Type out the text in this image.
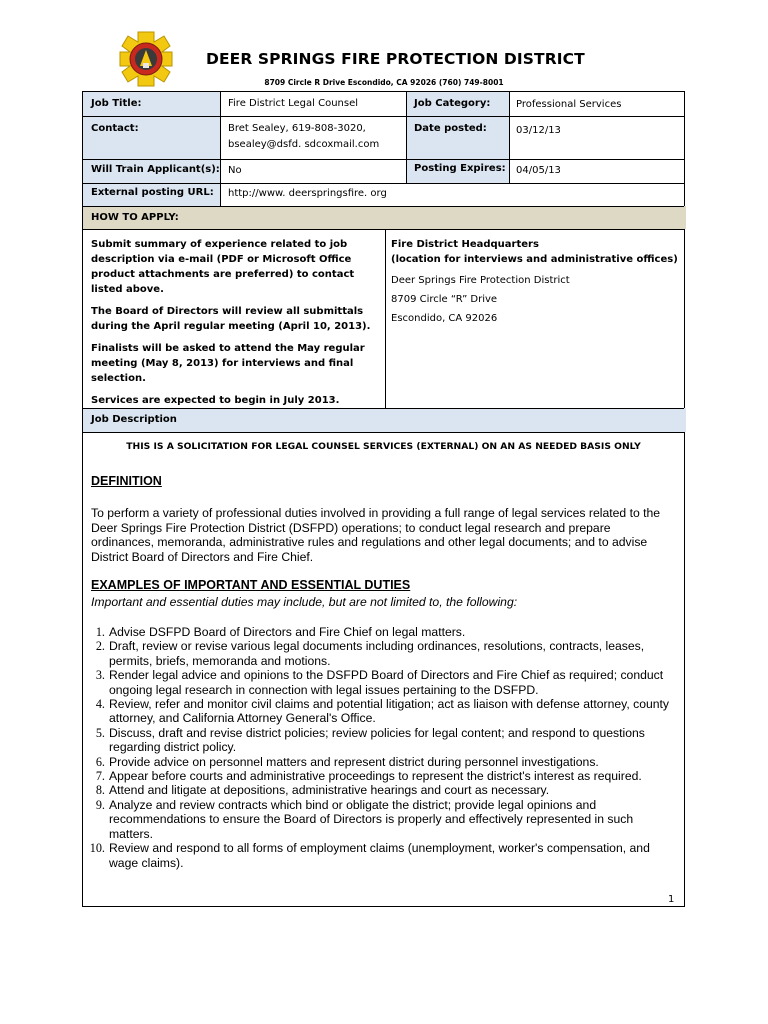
DEER SPRINGS FIRE PROTECTION DISTRICT
8709 Circle R Drive Escondido, CA 92026 (760) 749-8001
Job Title:	Fire District Legal Counsel	Job Category:	Professional Services
Contact:	Bret Sealey, 619-808-3020,
bsealey@dsfd. sdcoxmail.com
Date posted:	03/12/13
Will Train Applicant(s): No	Posting Expires: 04/05/13
External posting URL: http://www. deerspringsfire. org
HOW TO APPLY:

Submit summary of experience related to job description via e-mail (PDF or Microsoft Office product attachments are preferred) to contact listed above.

The Board of Directors will review all submittals during the April regular meeting (April 10, 2013).

Finalists will be asked to attend the May regular meeting (May 8, 2013) for interviews and final selection.

Services are expected to begin in July 2013.

Fire District Headquarters
(location for interviews and administrative offices)
Deer Springs Fire Protection District
8709 Circle “R” Drive
Escondido, CA 92026
Job Description
THIS IS A SOLICITATION FOR LEGAL COUNSEL SERVICES (EXTERNAL) ON AN AS NEEDED BASIS ONLY
DEFINITION
To perform a variety of professional duties involved in providing a full range of legal services related to the Deer Springs Fire Protection District (DSFPD) operations; to conduct legal research and prepare ordinances, memoranda, administrative rules and regulations and other legal documents; and to advise District Board of Directors and Fire Chief.
EXAMPLES OF IMPORTANT AND ESSENTIAL DUTIES
Important and essential duties may include, but are not limited to, the following:
1. Advise DSFPD Board of Directors and Fire Chief on legal matters.
2. Draft, review or revise various legal documents including ordinances, resolutions, contracts, leases, permits, briefs, memoranda and motions.
3. Render legal advice and opinions to the DSFPD Board of Directors and Fire Chief as required; conduct ongoing legal research in connection with legal issues pertaining to the DSFPD.
4. Review, refer and monitor civil claims and potential litigation; act as liaison with defense attorney, county attorney, and California Attorney General's Office.
5. Discuss, draft and revise district policies; review policies for legal content; and respond to questions regarding district policy.
6. Provide advice on personnel matters and represent district during personnel investigations.
7. Appear before courts and administrative proceedings to represent the district's interest as required.
8. Attend and litigate at depositions, administrative hearings and court as necessary.
9. Analyze and review contracts which bind or obligate the district; provide legal opinions and recommendations to ensure the Board of Directors is properly and effectively represented in such matters.
10. Review and respond to all forms of employment claims (unemployment, worker's compensation, and wage claims).
1
